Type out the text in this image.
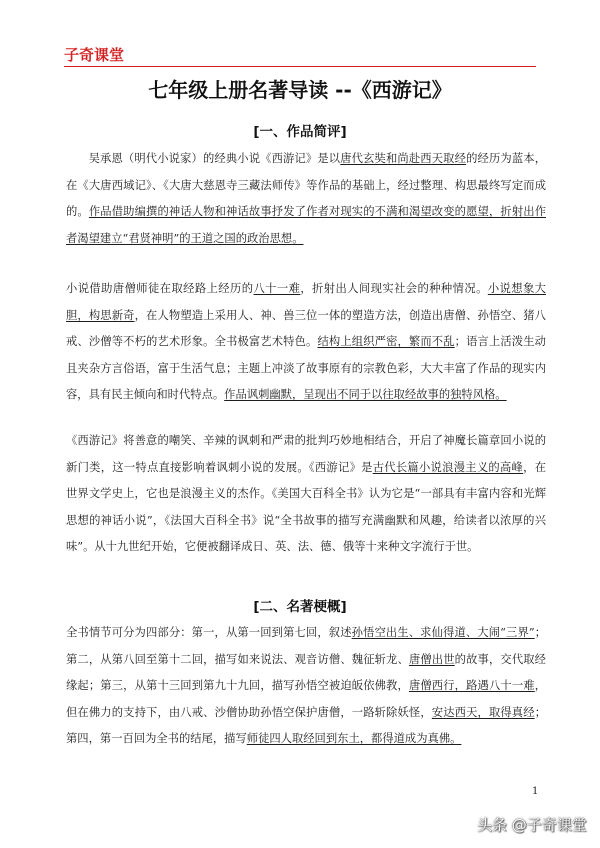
子奇课堂
七年级上册名著导读 --《西游记》
[一、作品简评]

吴承恩（明代小说家）的经典小说《西游记》是以唐代玄奘和尚赴西天取经的经历为蓝本，在《大唐西域记》、《大唐大慈恩寺三藏法师传》等作品的基础上，经过整理、构思最终写定而成的。作品借助编撰的神话人物和神话故事抒发了作者对现实的不满和渴望改变的愿望，折射出作者渴望建立“君贤神明”的王道之国的政治思想。

小说借助唐僧师徒在取经路上经历的八十一难，折射出人间现实社会的种种情况。小说想象大胆，构思新奇，在人物塑造上采用人、神、兽三位一体的塑造方法，创造出唐僧、孙悟空、猪八戒、沙僧等不朽的艺术形象。全书极富艺术特色。结构上组织严密，繁而不乱；语言上活泼生动且夹杂方言俗语，富于生活气息；主题上冲淡了故事原有的宗教色彩，大大丰富了作品的现实内容，具有民主倾向和时代特点。作品讽刺幽默，呈现出不同于以往取经故事的独特风格。

《西游记》将善意的嘲笑、辛辣的讽刺和严肃的批判巧妙地相结合，开启了神魔长篇章回小说的新门类，这一特点直接影响着讽刺小说的发展。《西游记》是古代长篇小说浪漫主义的高峰，在世界文学史上，它也是浪漫主义的杰作。《美国大百科全书》认为它是“一部具有丰富内容和光辉思想的神话小说”，《法国大百科全书》说“全书故事的描写充满幽默和风趣，给读者以浓厚的兴味”。从十九世纪开始，它便被翻译成日、英、法、德、俄等十来种文字流行于世。

[二、名著梗概]

全书情节可分为四部分：第一，从第一回到第七回，叙述孙悟空出生、求仙得道、大闹“三界”；第二，从第八回至第十二回，描写如来说法、观音访僧、魏征斩龙、唐僧出世的故事，交代取经缘起；第三，从第十三回到第九十九回，描写孙悟空被迫皈依佛教，唐僧西行，路遇八十一难，但在佛力的支持下，由八戒、沙僧协助孙悟空保护唐僧，一路斩除妖怪，安达西天，取得真经；第四，第一百回为全书的结尾，描写师徒四人取经回到东土，都得道成为真佛。

1
头条 @子奇课堂
